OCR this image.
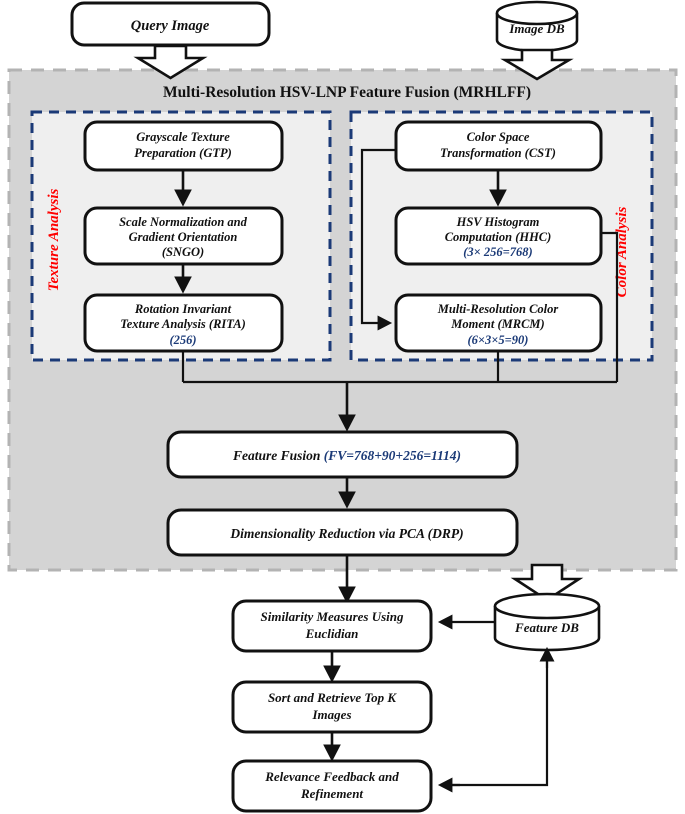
Multi-Resolution HSV-LNP Feature Fusion (MRHLFF)
Texture Analysis	Color Analysis
Query Image	Image DB
Grayscale Texture
Preparation (GTP)
Scale Normalization and
Gradient Orientation
(SNGO)
Rotation Invariant
Texture Analysis (RITA)
(256)
Color Space
Transformation (CST)
HSV Histogram
Computation (HHC)
(3× 256=768)
Multi-Resolution Color
Moment (MRCM)
(6×3×5=90)
Feature Fusion (FV=768+90+256=1114)
Dimensionality Reduction via PCA (DRP)
Feature DB
Similarity Measures Using
Euclidian
Sort and Retrieve Top K
Images
Relevance Feedback and
Refinement
